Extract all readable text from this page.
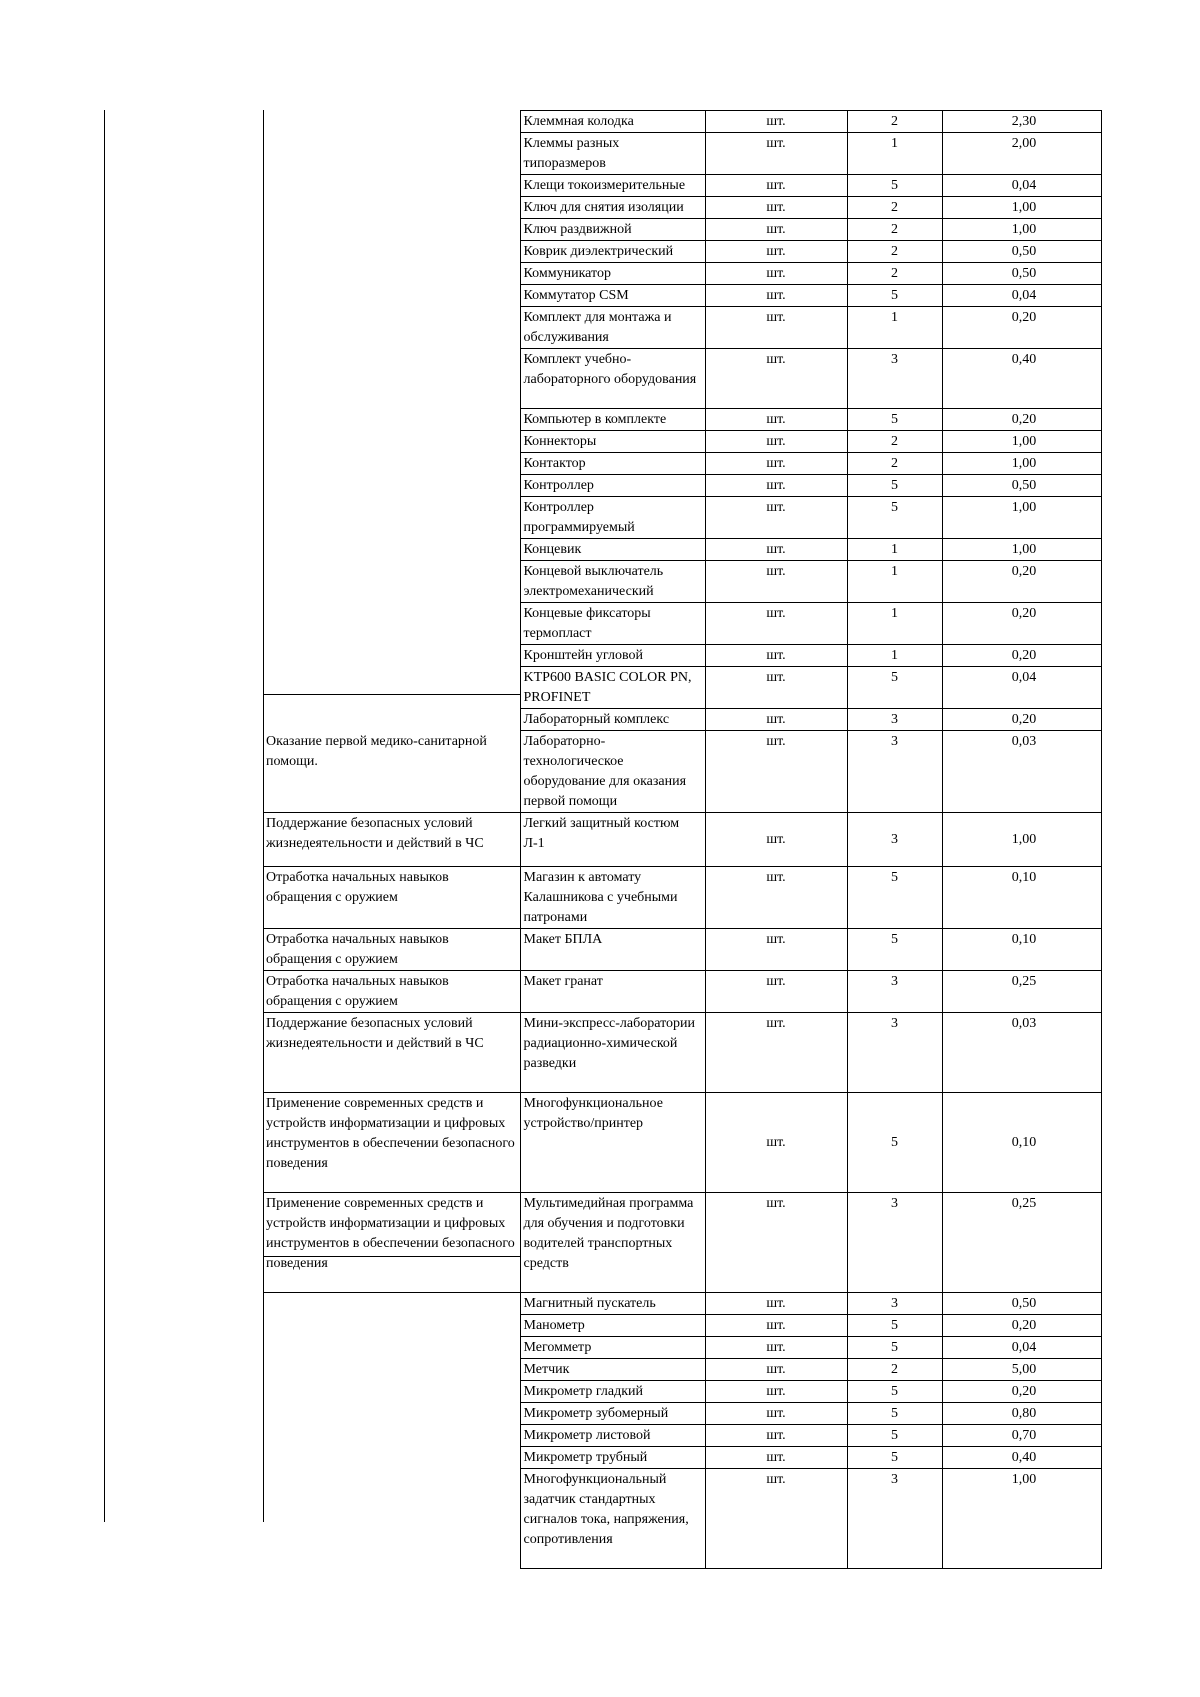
	Клеммная колодка	шт.	2	2,30
	Клеммы разных типоразмеров	шт.	1	2,00
	Клещи токоизмерительные	шт.	5	0,04
	Ключ для снятия изоляции	шт.	2	1,00
	Ключ раздвижной	шт.	2	1,00
	Коврик диэлектрический	шт.	2	0,50
	Коммуникатор	шт.	2	0,50
	Коммутатор CSM	шт.	5	0,04
	Комплект для монтажа и обслуживания	шт.	1	0,20
	Комплект учебно-лабораторного оборудования	шт.	3	0,40
	Компьютер в комплекте	шт.	5	0,20
	Коннекторы	шт.	2	1,00
	Контактор	шт.	2	1,00
	Контроллер	шт.	5	0,50
	Контроллер программируемый	шт.	5	1,00
	Концевик	шт.	1	1,00
	Концевой выключатель электромеханический	шт.	1	0,20
	Концевые фиксаторы термопласт	шт.	1	0,20
	Кронштейн угловой	шт.	1	0,20
	KTP600 BASIC COLOR PN, PROFINET	шт.	5	0,04
	Лабораторный комплекс	шт.	3	0,20
Оказание первой медико-санитарной помощи.	Лабораторно-технологическое оборудование для оказания первой помощи	шт.	3	0,03
Поддержание безопасных условий жизнедеятельности и действий в ЧС	Легкий защитный костюм Л-1	шт.	3	1,00
Отработка начальных навыков обращения с оружием	Магазин к автомату Калашникова с учебными патронами	шт.	5	0,10
Отработка начальных навыков обращения с оружием	Макет БПЛА	шт.	5	0,10
Отработка начальных навыков обращения с оружием	Макет гранат	шт.	3	0,25
Поддержание безопасных условий жизнедеятельности и действий в ЧС	Мини-экспресс-лаборатории радиационно-химической разведки	шт.	3	0,03
Применение современных средств и устройств информатизации и цифровых инструментов в обеспечении безопасного поведения	Многофункциональное устройство/принтер	шт.	5	0,10
Применение современных средств и устройств информатизации и цифровых инструментов в обеспечении безопасного поведения	Мультимедийная программа для обучения и подготовки водителей транспортных средств	шт.	3	0,25
	Магнитный пускатель	шт.	3	0,50
	Манометр	шт.	5	0,20
	Мегомметр	шт.	5	0,04
	Метчик	шт.	2	5,00
	Микрометр гладкий	шт.	5	0,20
	Микрометр зубомерный	шт.	5	0,80
	Микрометр листовой	шт.	5	0,70
	Микрометр трубный	шт.	5	0,40
	Многофункциональный задатчик стандартных сигналов тока, напряжения, сопротивления	шт.	3	1,00
